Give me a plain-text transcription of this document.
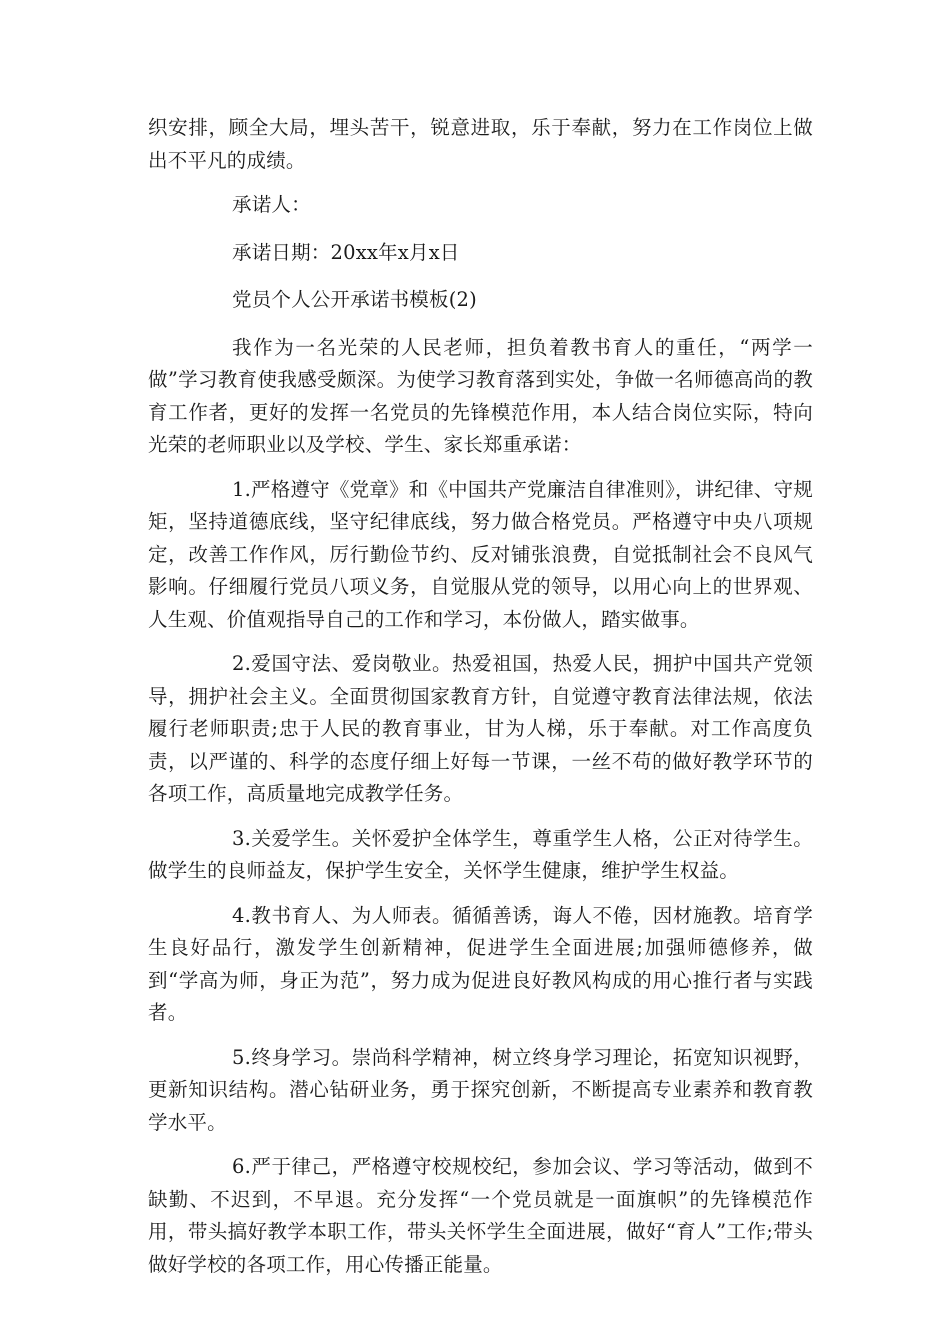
织安排，顾全大局，埋头苦干，锐意进取，乐于奉献，努力在工作岗位上做出不平凡的成绩。

承诺人：

承诺日期：20xx年x月x日

党员个人公开承诺书模板(2)

我作为一名光荣的人民老师，担负着教书育人的重任，“两学一做”学习教育使我感受颇深。为使学习教育落到实处，争做一名师德高尚的教育工作者，更好的发挥一名党员的先锋模范作用，本人结合岗位实际，特向光荣的老师职业以及学校、学生、家长郑重承诺：

1.严格遵守《党章》和《中国共产党廉洁自律准则》，讲纪律、守规矩，坚持道德底线，坚守纪律底线，努力做合格党员。严格遵守中央八项规定，改善工作作风，厉行勤俭节约、反对铺张浪费，自觉抵制社会不良风气影响。仔细履行党员八项义务，自觉服从党的领导，以用心向上的世界观、人生观、价值观指导自己的工作和学习，本份做人，踏实做事。

2.爱国守法、爱岗敬业。热爱祖国，热爱人民，拥护中国共产党领导，拥护社会主义。全面贯彻国家教育方针，自觉遵守教育法律法规，依法履行老师职责;忠于人民的教育事业，甘为人梯，乐于奉献。对工作高度负责，以严谨的、科学的态度仔细上好每一节课，一丝不苟的做好教学环节的各项工作，高质量地完成教学任务。

3.关爱学生。关怀爱护全体学生，尊重学生人格，公正对待学生。做学生的良师益友，保护学生安全，关怀学生健康，维护学生权益。

4.教书育人、为人师表。循循善诱，诲人不倦，因材施教。培育学生良好品行，激发学生创新精神，促进学生全面进展;加强师德修养，做到“学高为师，身正为范”，努力成为促进良好教风构成的用心推行者与实践者。

5.终身学习。崇尚科学精神，树立终身学习理论，拓宽知识视野，更新知识结构。潜心钻研业务，勇于探究创新，不断提高专业素养和教育教学水平。

6.严于律己，严格遵守校规校纪，参加会议、学习等活动，做到不缺勤、不迟到，不早退。充分发挥“一个党员就是一面旗帜”的先锋模范作用，带头搞好教学本职工作，带头关怀学生全面进展，做好“育人”工作;带头做好学校的各项工作，用心传播正能量。
